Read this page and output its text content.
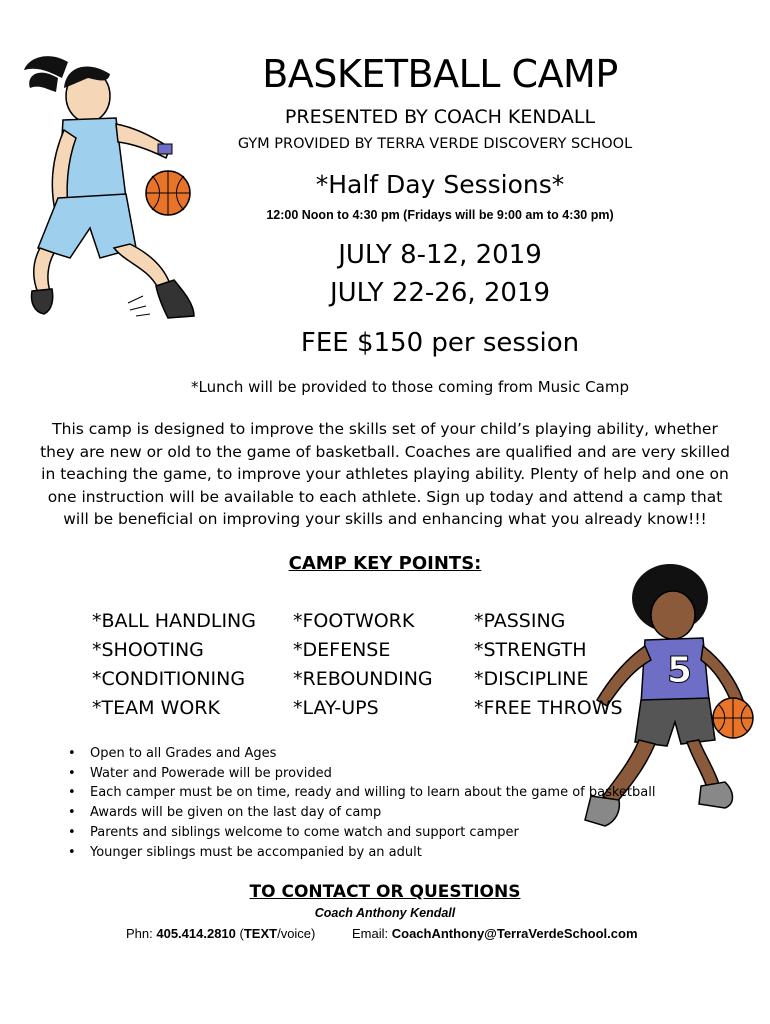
5
BASKETBALL CAMP
PRESENTED BY COACH KENDALL
GYM PROVIDED BY TERRA VERDE DISCOVERY SCHOOL
*Half Day Sessions*
12:00 Noon to 4:30 pm (Fridays will be 9:00 am to 4:30 pm)
JULY 8-12, 2019
JULY 22-26, 2019
FEE $150 per session
*Lunch will be provided to those coming from Music Camp
This camp is designed to improve the skills set of your child’s playing ability, whether they are new or old to the game of basketball. Coaches are qualified and are very skilled in teaching the game, to improve your athletes playing ability. Plenty of help and one on one instruction will be available to each athlete. Sign up today and attend a camp that will be beneficial on improving your skills and enhancing what you already know!!!
CAMP KEY POINTS:
*BALL HANDLING
*SHOOTING
*CONDITIONING
*TEAM WORK
*FOOTWORK
*DEFENSE
*REBOUNDING
*LAY-UPS
*PASSING
*STRENGTH
*DISCIPLINE
*FREE THROWS
• Open to all Grades and Ages
• Water and Powerade will be provided
• Each camper must be on time, ready and willing to learn about the game of basketball
• Awards will be given on the last day of camp
• Parents and siblings welcome to come watch and support camper
• Younger siblings must be accompanied by an adult
TO CONTACT OR QUESTIONS
Coach Anthony Kendall
Phn: 405.414.2810 (TEXT/voice)	Email: CoachAnthony@TerraVerdeSchool.com
